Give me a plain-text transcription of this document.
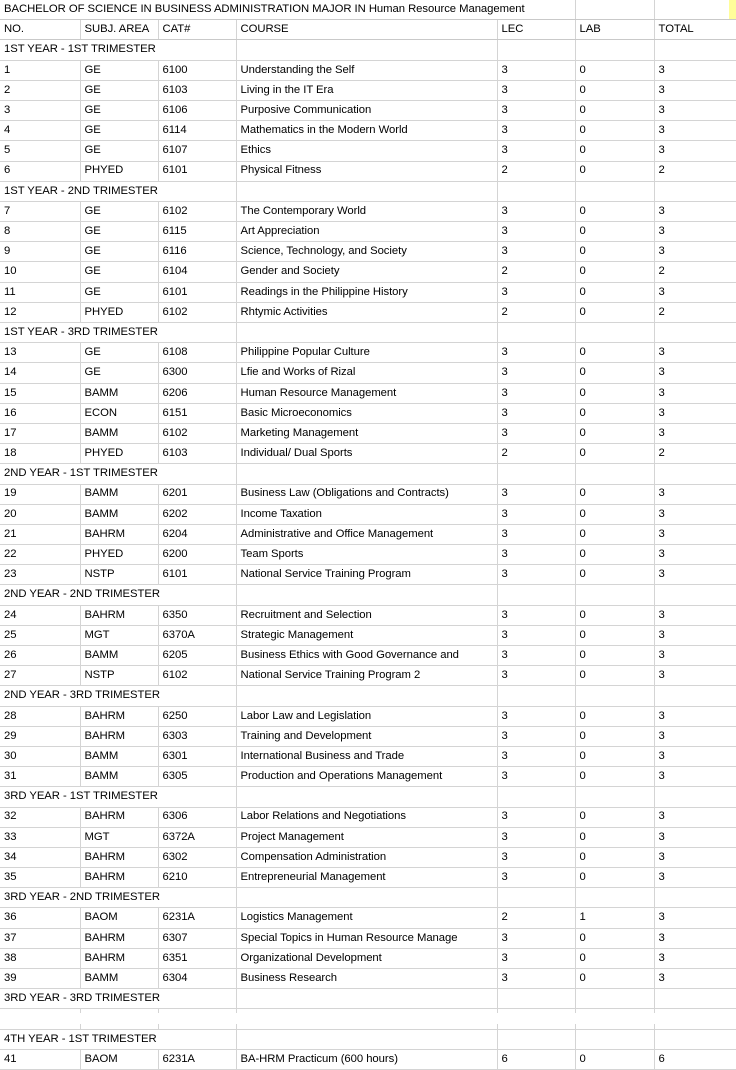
BACHELOR OF SCIENCE IN BUSINESS ADMINISTRATION MAJOR IN Human Resource Management						
NO.	SUBJ. AREA	CAT#	COURSE	LEC	LAB	TOTAL
1ST YEAR - 1ST TRIMESTER						
1	GE	6100	Understanding the Self	3	0	3
2	GE	6103	Living in the IT Era	3	0	3
3	GE	6106	Purposive Communication	3	0	3
4	GE	6114	Mathematics in the Modern World	3	0	3
5	GE	6107	Ethics	3	0	3
6	PHYED	6101	Physical Fitness	2	0	2
1ST YEAR - 2ND TRIMESTER						
7	GE	6102	The Contemporary World	3	0	3
8	GE	6115	Art Appreciation	3	0	3
9	GE	6116	Science, Technology, and Society	3	0	3
10	GE	6104	Gender and Society	2	0	2
11	GE	6101	Readings in the Philippine History	3	0	3
12	PHYED	6102	Rhtymic Activities	2	0	2
1ST YEAR - 3RD TRIMESTER						
13	GE	6108	Philippine Popular Culture	3	0	3
14	GE	6300	Lfie and Works of Rizal	3	0	3
15	BAMM	6206	Human Resource Management	3	0	3
16	ECON	6151	Basic Microeconomics	3	0	3
17	BAMM	6102	Marketing Management	3	0	3
18	PHYED	6103	Individual/ Dual Sports	2	0	2
2ND YEAR - 1ST TRIMESTER						
19	BAMM	6201	Business Law (Obligations and Contracts)	3	0	3
20	BAMM	6202	Income Taxation	3	0	3
21	BAHRM	6204	Administrative and Office Management	3	0	3
22	PHYED	6200	Team Sports	3	0	3
23	NSTP	6101	National Service Training Program	3	0	3
2ND YEAR - 2ND TRIMESTER						
24	BAHRM	6350	Recruitment and Selection	3	0	3
25	MGT	6370A	Strategic Management	3	0	3
26	BAMM	6205	Business Ethics with Good Governance and	3	0	3
27	NSTP	6102	National Service Training Program 2	3	0	3
2ND YEAR - 3RD TRIMESTER						
28	BAHRM	6250	Labor Law and Legislation	3	0	3
29	BAHRM	6303	Training and Development	3	0	3
30	BAMM	6301	International Business and Trade	3	0	3
31	BAMM	6305	Production and Operations Management	3	0	3
3RD YEAR - 1ST TRIMESTER						
32	BAHRM	6306	Labor Relations and Negotiations	3	0	3
33	MGT	6372A	Project Management	3	0	3
34	BAHRM	6302	Compensation Administration	3	0	3
35	BAHRM	6210	Entrepreneurial Management	3	0	3
3RD YEAR - 2ND TRIMESTER						
36	BAOM	6231A	Logistics Management	2	1	3
37	BAHRM	6307	Special Topics in Human Resource Manage	3	0	3
38	BAHRM	6351	Organizational Development	3	0	3
39	BAMM	6304	Business Research	3	0	3
3RD YEAR - 3RD TRIMESTER						

4TH YEAR - 1ST TRIMESTER						
41	BAOM	6231A	BA-HRM Practicum (600 hours)	6	0	6
